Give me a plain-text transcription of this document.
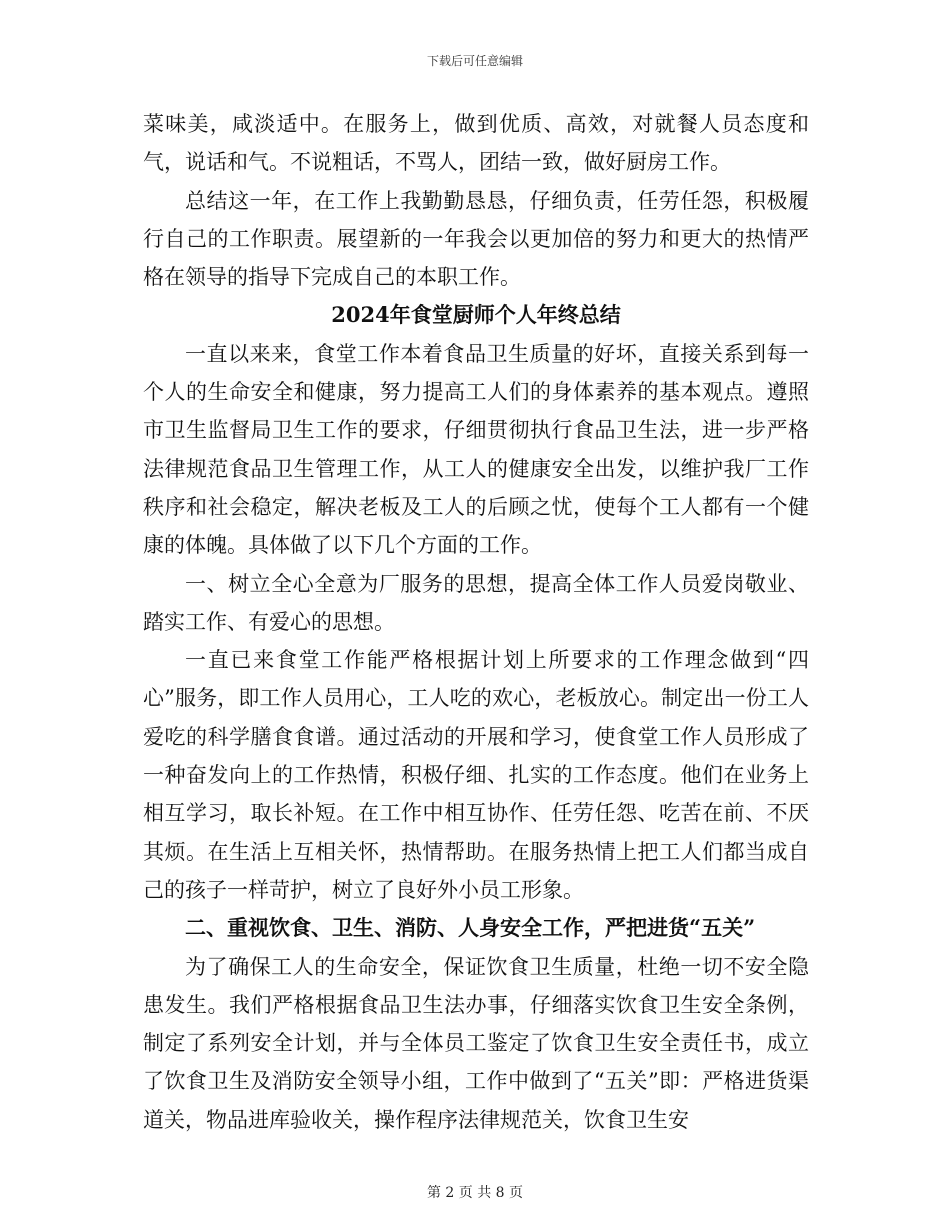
下载后可任意编辑

菜味美，咸淡适中。在服务上，做到优质、高效，对就餐人员态度和气，说话和气。不说粗话，不骂人，团结一致，做好厨房工作。

总结这一年，在工作上我勤勤恳恳，仔细负责，任劳任怨，积极履行自己的工作职责。展望新的一年我会以更加倍的努力和更大的热情严格在领导的指导下完成自己的本职工作。

2024年食堂厨师个人年终总结

一直以来来，食堂工作本着食品卫生质量的好坏，直接关系到每一个人的生命安全和健康，努力提高工人们的身体素养的基本观点。遵照市卫生监督局卫生工作的要求，仔细贯彻执行食品卫生法，进一步严格法律规范食品卫生管理工作，从工人的健康安全出发，以维护我厂工作秩序和社会稳定，解决老板及工人的后顾之忧，使每个工人都有一个健康的体魄。具体做了以下几个方面的工作。

一、树立全心全意为厂服务的思想，提高全体工作人员爱岗敬业、踏实工作、有爱心的思想。

一直已来食堂工作能严格根据计划上所要求的工作理念做到“四心”服务，即工作人员用心，工人吃的欢心，老板放心。制定出一份工人爱吃的科学膳食食谱。通过活动的开展和学习，使食堂工作人员形成了一种奋发向上的工作热情，积极仔细、扎实的工作态度。他们在业务上相互学习，取长补短。在工作中相互协作、任劳任怨、吃苦在前、不厌其烦。在生活上互相关怀，热情帮助。在服务热情上把工人们都当成自己的孩子一样苛护，树立了良好外小员工形象。

二、重视饮食、卫生、消防、人身安全工作，严把进货“五关”

为了确保工人的生命安全，保证饮食卫生质量，杜绝一切不安全隐患发生。我们严格根据食品卫生法办事，仔细落实饮食卫生安全条例，制定了系列安全计划，并与全体员工鉴定了饮食卫生安全责任书，成立了饮食卫生及消防安全领导小组，工作中做到了“五关”即：严格进货渠道关，物品进库验收关，操作程序法律规范关，饮食卫生安

第 2 页 共 8 页
